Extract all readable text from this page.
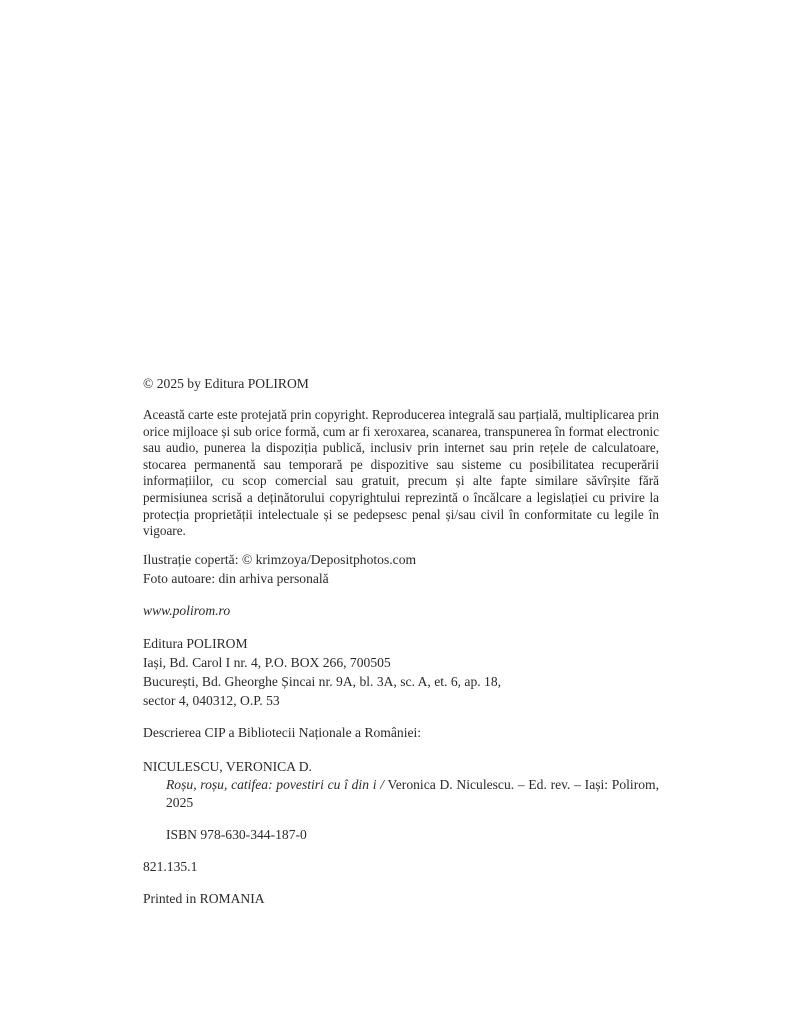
© 2025 by Editura POLIROM
Această carte este protejată prin copyright. Reproducerea integrală sau parțială, multiplicarea prin orice mijloace și sub orice formă, cum ar fi xeroxarea, scanarea, transpunerea în format electronic sau audio, punerea la dispoziția publică, inclusiv prin internet sau prin rețele de calculatoare, stocarea permanentă sau temporară pe dispozitive sau sisteme cu posibilitatea recuperării informațiilor, cu scop comercial sau gratuit, precum și alte fapte similare săvîrșite fără permisiunea scrisă a deținătorului copyrightului reprezintă o încălcare a legislației cu privire la protecția proprietății intelectuale și se pedepsesc penal și/sau civil în conformitate cu legile în vigoare.
Ilustrație copertă: © krimzoya/Depositphotos.com
Foto autoare: din arhiva personală
www.polirom.ro
Editura POLIROM
Iași, Bd. Carol I nr. 4, P.O. BOX 266, 700505
București, Bd. Gheorghe Șincai nr. 9A, bl. 3A, sc. A, et. 6, ap. 18,
sector 4, 040312, O.P. 53
Descrierea CIP a Bibliotecii Naționale a României:
NICULESCU, VERONICA D.
Roșu, roșu, catifea: povestiri cu î din i / Veronica D. Niculescu. – Ed. rev. – Iași: Polirom, 2025
ISBN 978-630-344-187-0
821.135.1
Printed in ROMANIA
